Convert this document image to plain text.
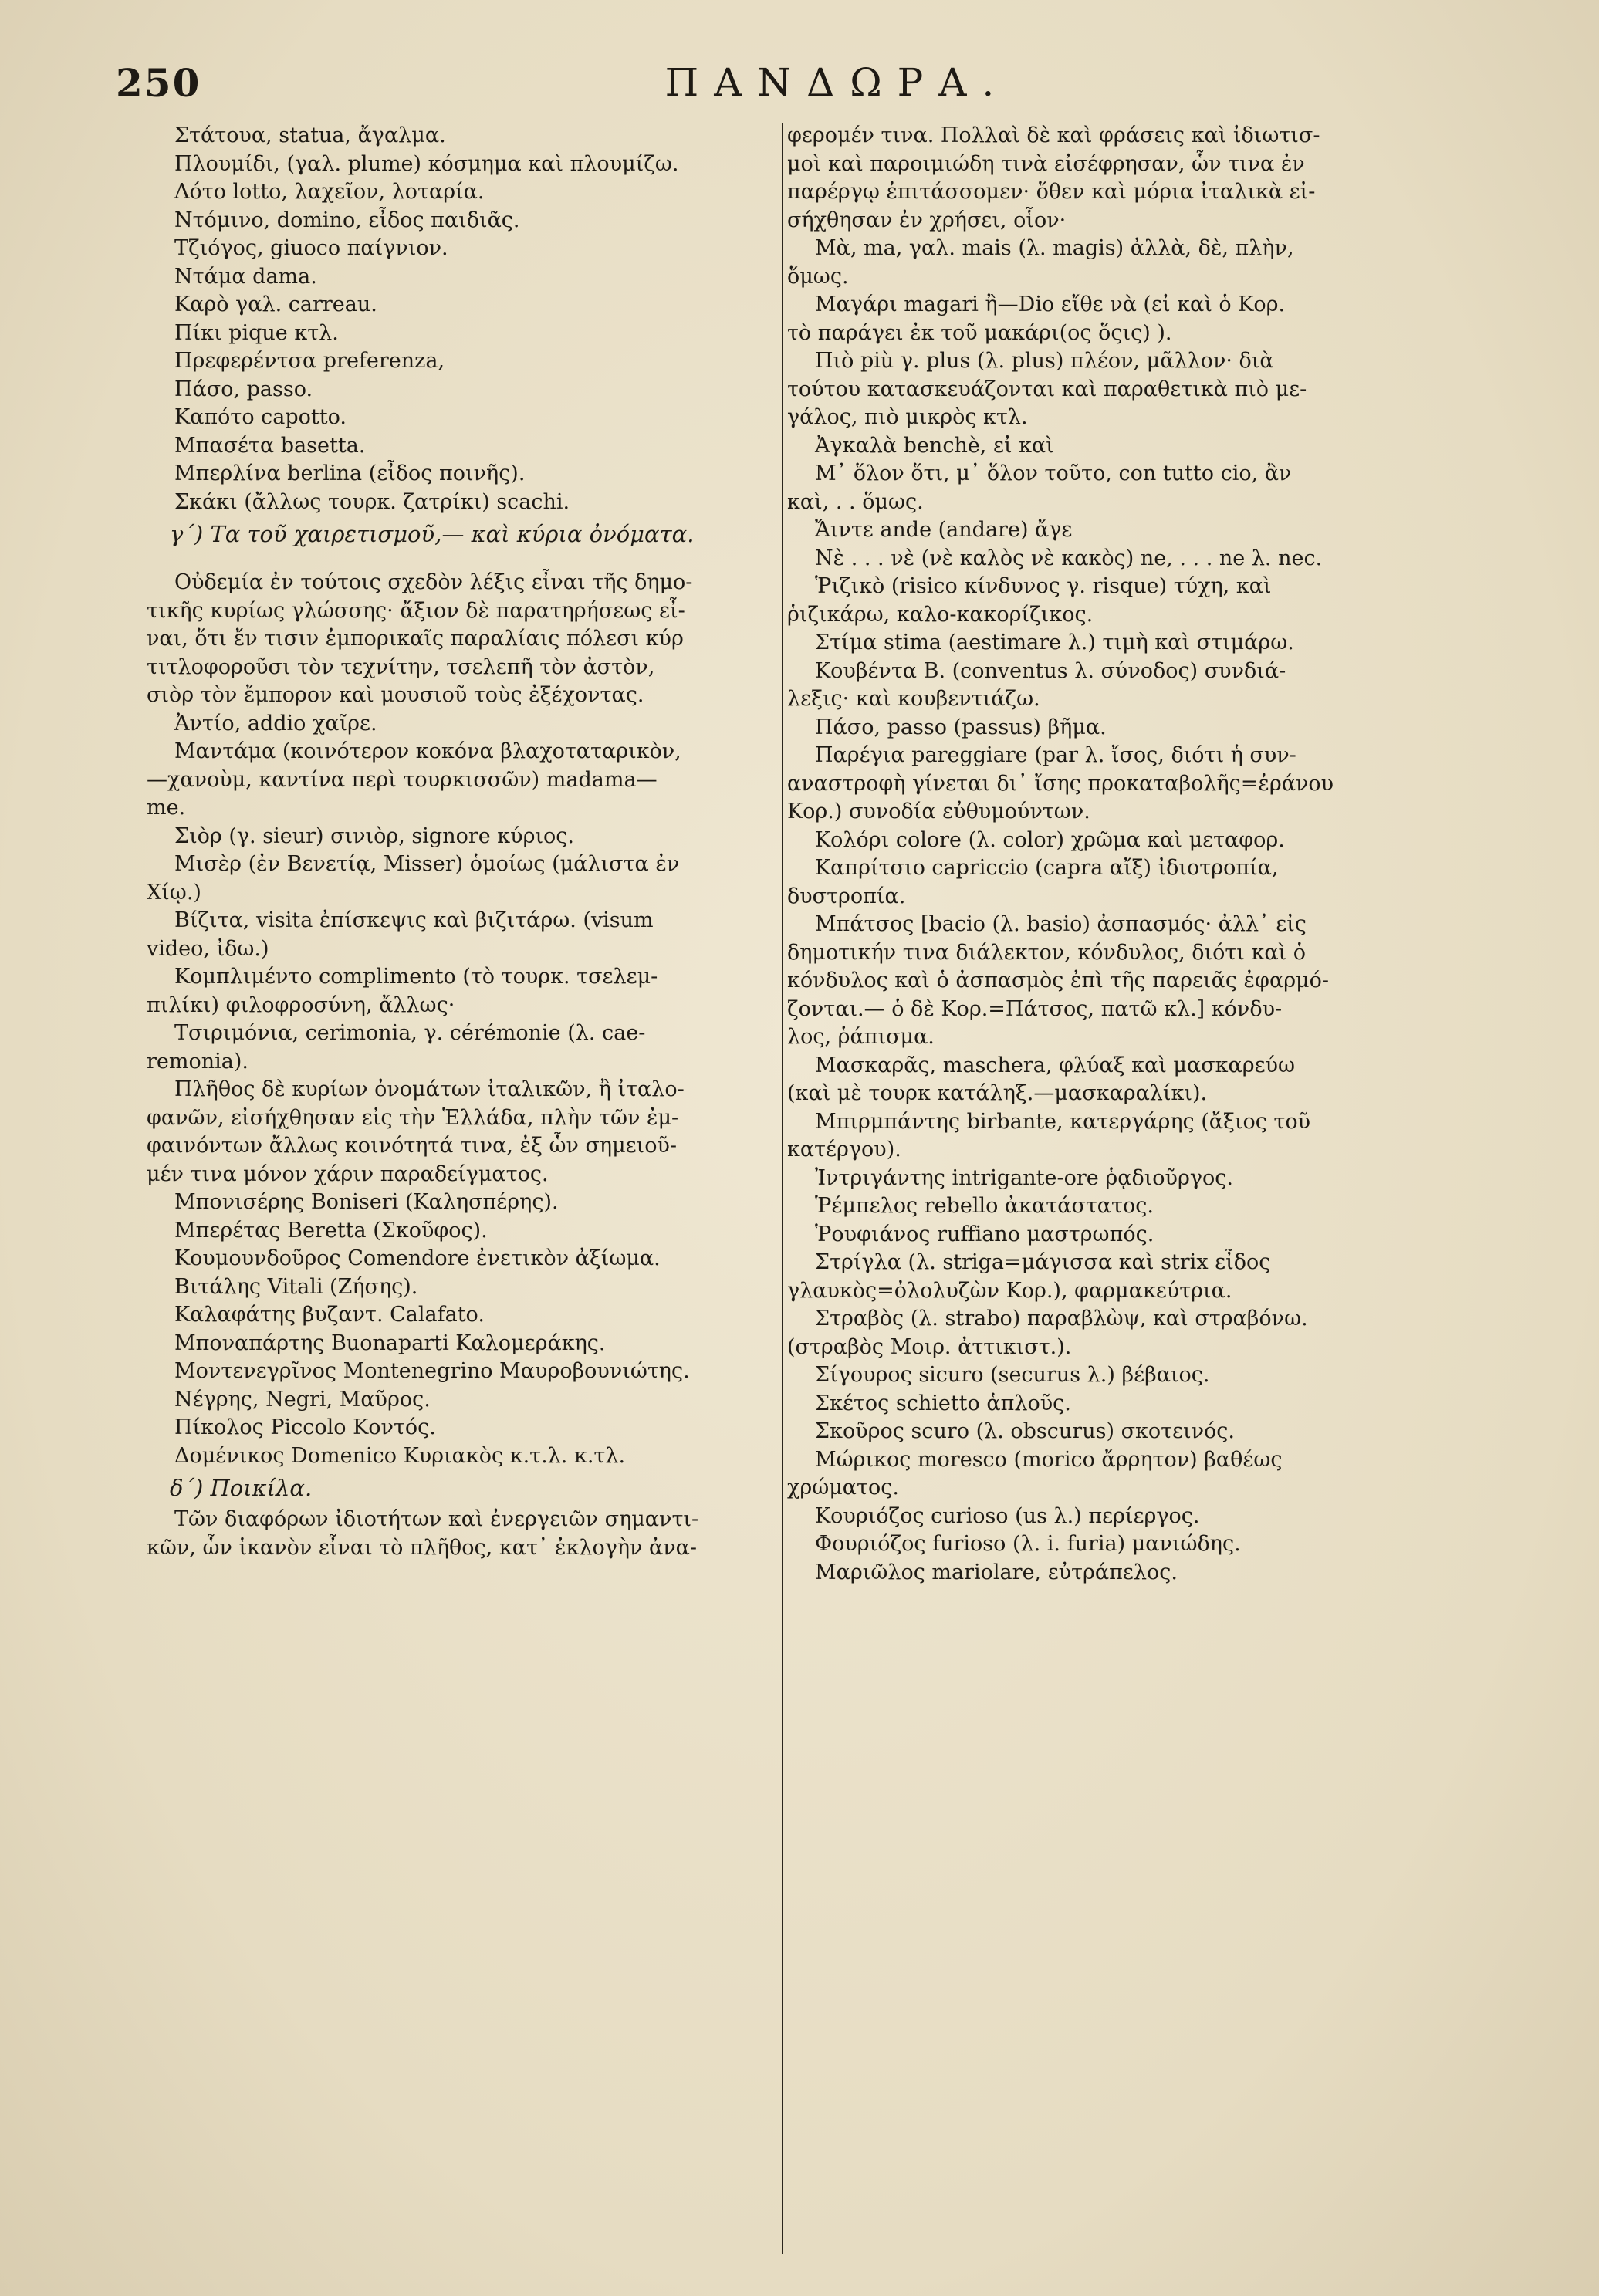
250	ΠΑΝΔΩΡΑ.
Στάτουα, statua, ἄγαλμα.
Πλουμίδι, (γαλ. plume) κόσμημα καὶ πλουμίζω.
Λότο lotto, λαχεῖον, λοταρία.
Ντόμινο, domino, εἶδος παιδιᾶς.
Τζιόγος, giuoco παίγνιον.
Ντάμα dama.
Καρὸ γαλ. carreau.
Πίκι pique κτλ.
Πρεφερέντσα preferenza,
Πάσο, passo.
Καπότο capotto.
Μπασέτα basetta.
Μπερλίνα berlina (εἶδος ποινῆς).
Σκάκι (ἄλλως τουρκ. ζατρίκι) scachi.
γ΄) Τα τοῦ χαιρετισμοῦ,— καὶ κύρια ὀνόματα.
Οὐδεμία ἐν τούτοις σχεδὸν λέξις εἶναι τῆς δημο-
τικῆς κυρίως γλώσσης· ἄξιον δὲ παρατηρήσεως εἶ-
ναι, ὅτι ἔν τισιν ἐμπορικαῖς παραλίαις πόλεσι κύρ
τιτλοφοροῦσι τὸν τεχνίτην, τσελεπῆ τὸν ἀστὸν,
σιὸρ τὸν ἔμπορον καὶ μουσιοῦ τοὺς ἐξέχοντας.
Ἀντίο, addio χαῖρε.
Μαντάμα (κοινότερον κοκόνα βλαχοταταρικὸν,
—χανοὺμ, καντίνα περὶ τουρκισσῶν) madama—
me.
Σιὸρ (γ. sieur) σινιὸρ, signore κύριος.
Μισὲρ (ἐν Βενετίᾳ, Misser) ὁμοίως (μάλιστα ἐν
Χίῳ.)
Βίζιτα, visita ἐπίσκεψις καὶ βιζιτάρω. (visum
video, ἰδω.)
Κομπλιμέντο complimento (τὸ τουρκ. τσελεμ-
πιλίκι) φιλοφροσύνη, ἄλλως·
Τσιριμόνια, cerimonia, γ. cérémonie (λ. cae-
remonia).
Πλῆθος δὲ κυρίων ὀνομάτων ἰταλικῶν, ἢ ἰταλο-
φανῶν, εἰσήχθησαν εἰς τὴν Ἑλλάδα, πλὴν τῶν ἐμ-
φαινόντων ἄλλως κοινότητά τινα, ἐξ ὧν σημειοῦ-
μέν τινα μόνον χάριν παραδείγματος.
Μπονισέρης Boniseri (Καλησπέρης).
Μπερέτας Beretta (Σκοῦφος).
Κουμουνδοῦρος Comendore ἐνετικὸν ἀξίωμα.
Βιτάλης Vitali (Ζήσης).
Καλαφάτης βυζαντ. Calafato.
Μποναπάρτης Buonaparti Καλομεράκης.
Μοντενεγρῖνος Montenegrino Μαυροβουνιώτης.
Νέγρης, Negri, Μαῦρος.
Πίκολος Piccolo Κοντός.
Δομένικος Domenico Κυριακὸς κ.τ.λ. κ.τλ.
δ΄) Ποικίλα.
Τῶν διαφόρων ἰδιοτήτων καὶ ἐνεργειῶν σημαντι-
κῶν, ὧν ἱκανὸν εἶναι τὸ πλῆθος, κατ᾽ ἐκλογὴν ἀνα-
φερομέν τινα. Πολλαὶ δὲ καὶ φράσεις καὶ ἰδιωτισ-
μοὶ καὶ παροιμιώδη τινὰ εἰσέφρησαν, ὧν τινα ἐν
παρέργῳ ἐπιτάσσομεν· ὅθεν καὶ μόρια ἰταλικὰ εἰ-
σήχθησαν ἐν χρήσει, οἷον·
Μὰ, ma, γαλ. mais (λ. magis) ἀλλὰ, δὲ, πλὴν,
ὅμως.
Μαγάρι magari ἢ—Dio εἴθε νὰ (εἰ καὶ ὁ Κορ.
τὸ παράγει ἐκ τοῦ μακάρι(ος ὅςις) ).
Πιὸ più γ. plus (λ. plus) πλέον, μᾶλλον· διὰ
τούτου κατασκευάζονται καὶ παραθετικὰ πιὸ με-
γάλος, πιὸ μικρὸς κτλ.
Ἀγκαλὰ benchè, εἰ καὶ
Μ᾽ ὅλον ὅτι, μ᾽ ὅλον τοῦτο, con tutto cio, ἂν
καὶ, . . ὅμως.
Ἄιντε ande (andare) ἄγε
Νὲ . . . νὲ (νὲ καλὸς νὲ κακὸς) ne, . . . ne λ. nec.
Ῥιζικὸ (risico κίνδυνος γ. risque) τύχη, καὶ
ῥιζικάρω, καλο-κακορίζικος.
Στίμα stima (aestimare λ.) τιμὴ καὶ στιμάρω.
Κουβέντα Β. (conventus λ. σύνοδος) συνδιά-
λεξις· καὶ κουβεντιάζω.
Πάσο, passo (passus) βῆμα.
Παρέγια pareggiare (par λ. ἴσος, διότι ἡ συν-
αναστροφὴ γίνεται δι᾽ ἴσης προκαταβολῆς=ἐράνου
Κορ.) συνοδία εὐθυμούντων.
Κολόρι colore (λ. color) χρῶμα καὶ μεταφορ.
Καπρίτσιο capriccio (capra αἴξ) ἰδιοτροπία,
δυστροπία.
Μπάτσος [bacio (λ. basio) ἀσπασμός· ἀλλ᾽ εἰς
δημοτικήν τινα διάλεκτον, κόνδυλος, διότι καὶ ὁ
κόνδυλος καὶ ὁ ἀσπασμὸς ἐπὶ τῆς παρειᾶς ἐφαρμό-
ζονται.— ὁ δὲ Κορ.=Πάτσος, πατῶ κλ.] κόνδυ-
λος, ῥάπισμα.
Μασκαρᾶς, maschera, φλύαξ καὶ μασκαρεύω
(καὶ μὲ τουρκ κατάληξ.—μασκαραλίκι).
Μπιρμπάντης birbante, κατεργάρης (ἄξιος τοῦ
κατέργου).
Ἰντριγάντης intrigante-ore ῥᾳδιοῦργος.
Ῥέμπελος rebello ἀκατάστατος.
Ῥουφιάνος ruffiano μαστρωπός.
Στρίγλα (λ. striga=μάγισσα καὶ strix εἶδος
γλαυκὸς=ὀλολυζὼν Κορ.), φαρμακεύτρια.
Στραβὸς (λ. strabo) παραβλὼψ, καὶ στραβόνω.
(στραβὸς Μοιρ. ἀττικιστ.).
Σίγουρος sicuro (securus λ.) βέβαιος.
Σκέτος schietto ἁπλοῦς.
Σκοῦρος scuro (λ. obscurus) σκοτεινός.
Μώρικος moresco (morico ἄρρητον) βαθέως
χρώματος.
Κουριόζος curioso (us λ.) περίεργος.
Φουριόζος furioso (λ. i. furia) μανιώδης.
Μαριῶλος mariolare, εὐτράπελος.
